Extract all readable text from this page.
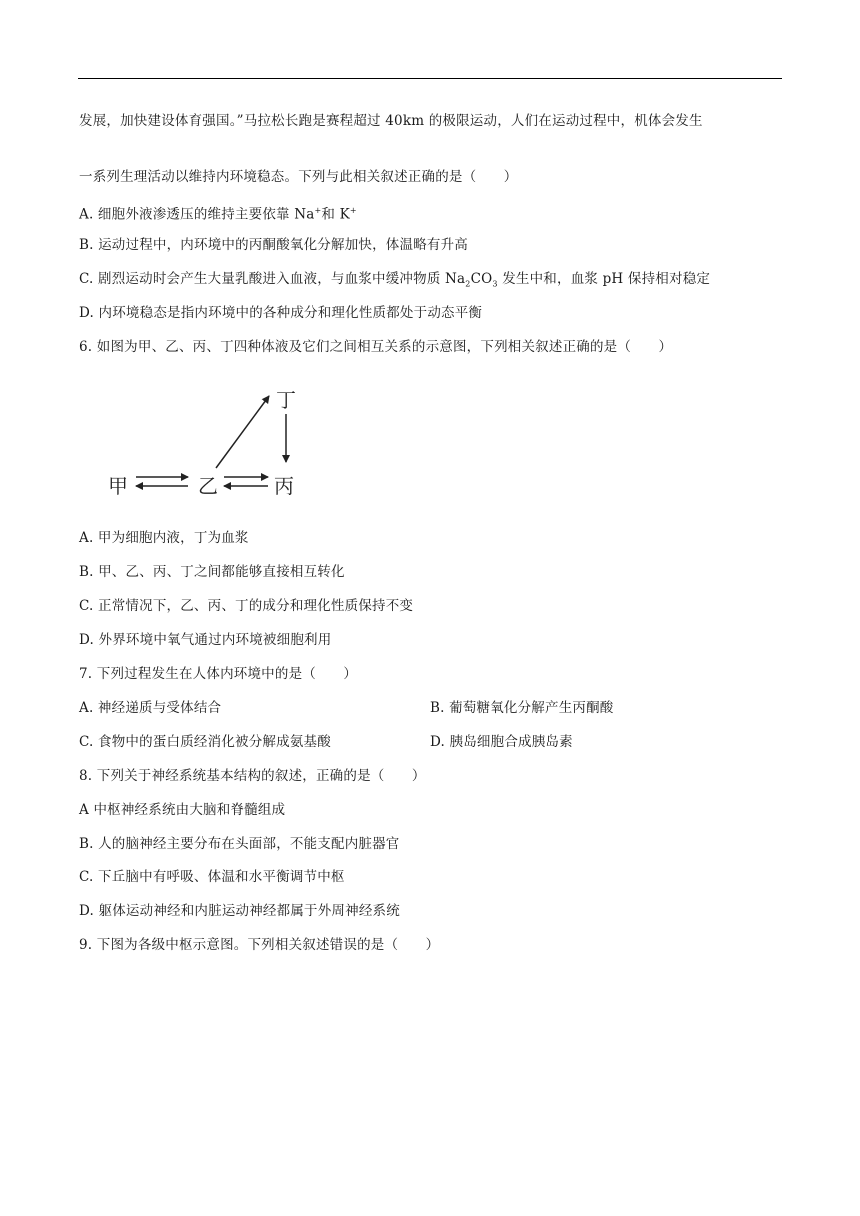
发展，加快建设体育强国。”马拉松长跑是赛程超过 40km 的极限运动，人们在运动过程中，机体会发生
一系列生理活动以维持内环境稳态。下列与此相关叙述正确的是（　　）
A. 细胞外液渗透压的维持主要依靠 Na+和 K+
B. 运动过程中，内环境中的丙酮酸氧化分解加快，体温略有升高
C. 剧烈运动时会产生大量乳酸进入血液，与血浆中缓冲物质 $Na_2CO_3$ 发生中和，血浆 pH 保持相对稳定
D. 内环境稳态是指内环境中的各种成分和理化性质都处于动态平衡
6. 如图为甲、乙、丙、丁四种体液及它们之间相互关系的示意图，下列相关叙述正确的是（　　）
甲	乙	丙
丁
A. 甲为细胞内液，丁为血浆
B. 甲、乙、丙、丁之间都能够直接相互转化
C. 正常情况下，乙、丙、丁的成分和理化性质保持不变
D. 外界环境中氧气通过内环境被细胞利用
7. 下列过程发生在人体内环境中的是（　　）
A. 神经递质与受体结合	B. 葡萄糖氧化分解产生丙酮酸
C. 食物中的蛋白质经消化被分解成氨基酸	D. 胰岛细胞合成胰岛素
8. 下列关于神经系统基本结构的叙述，正确的是（　　）
A 中枢神经系统由大脑和脊髓组成
B. 人的脑神经主要分布在头面部，不能支配内脏器官
C. 下丘脑中有呼吸、体温和水平衡调节中枢
D. 躯体运动神经和内脏运动神经都属于外周神经系统
9. 下图为各级中枢示意图。下列相关叙述错误的是（　　）
